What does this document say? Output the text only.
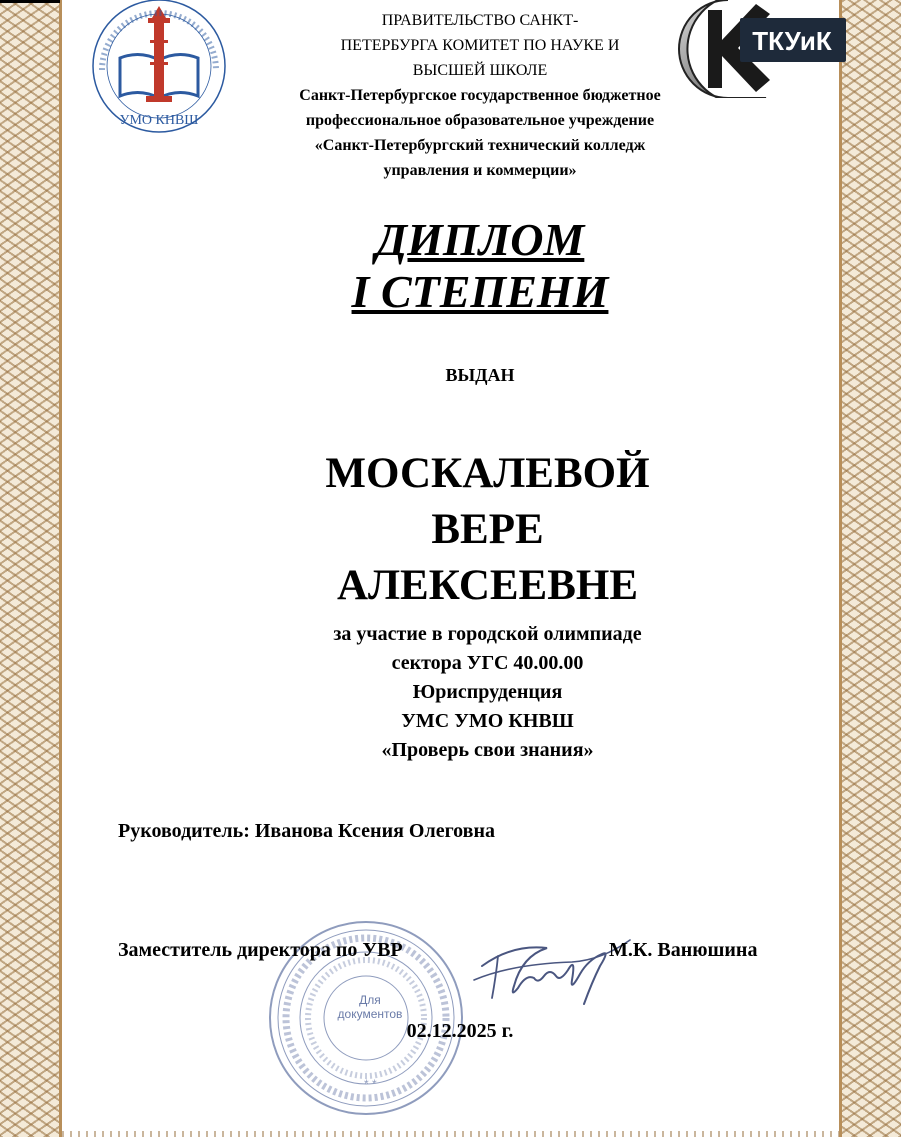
УМО КНВШ
ТКУиК
ПРАВИТЕЛЬСТВО САНКТ-
ПЕТЕРБУРГА КОМИТЕТ ПО НАУКЕ И
ВЫСШЕЙ ШКОЛЕ
Санкт-Петербургское государственное бюджетное
профессиональное образовательное учреждение
«Санкт-Петербургский технический колледж
управления и коммерции»
ДИПЛОМ
I СТЕПЕНИ
ВЫДАН
МОСКАЛЕВОЙ
ВЕРЕ
АЛЕКСЕЕВНЕ
за участие в городской олимпиаде
сектора УГС 40.00.00
Юриспруденция
УМС УМО КНВШ
«Проверь свои знания»
Руководитель: Иванова Ксения Олеговна
* *
Для
документов
Заместитель директора по УВР	М.К. Ванюшина
02.12.2025 г.
